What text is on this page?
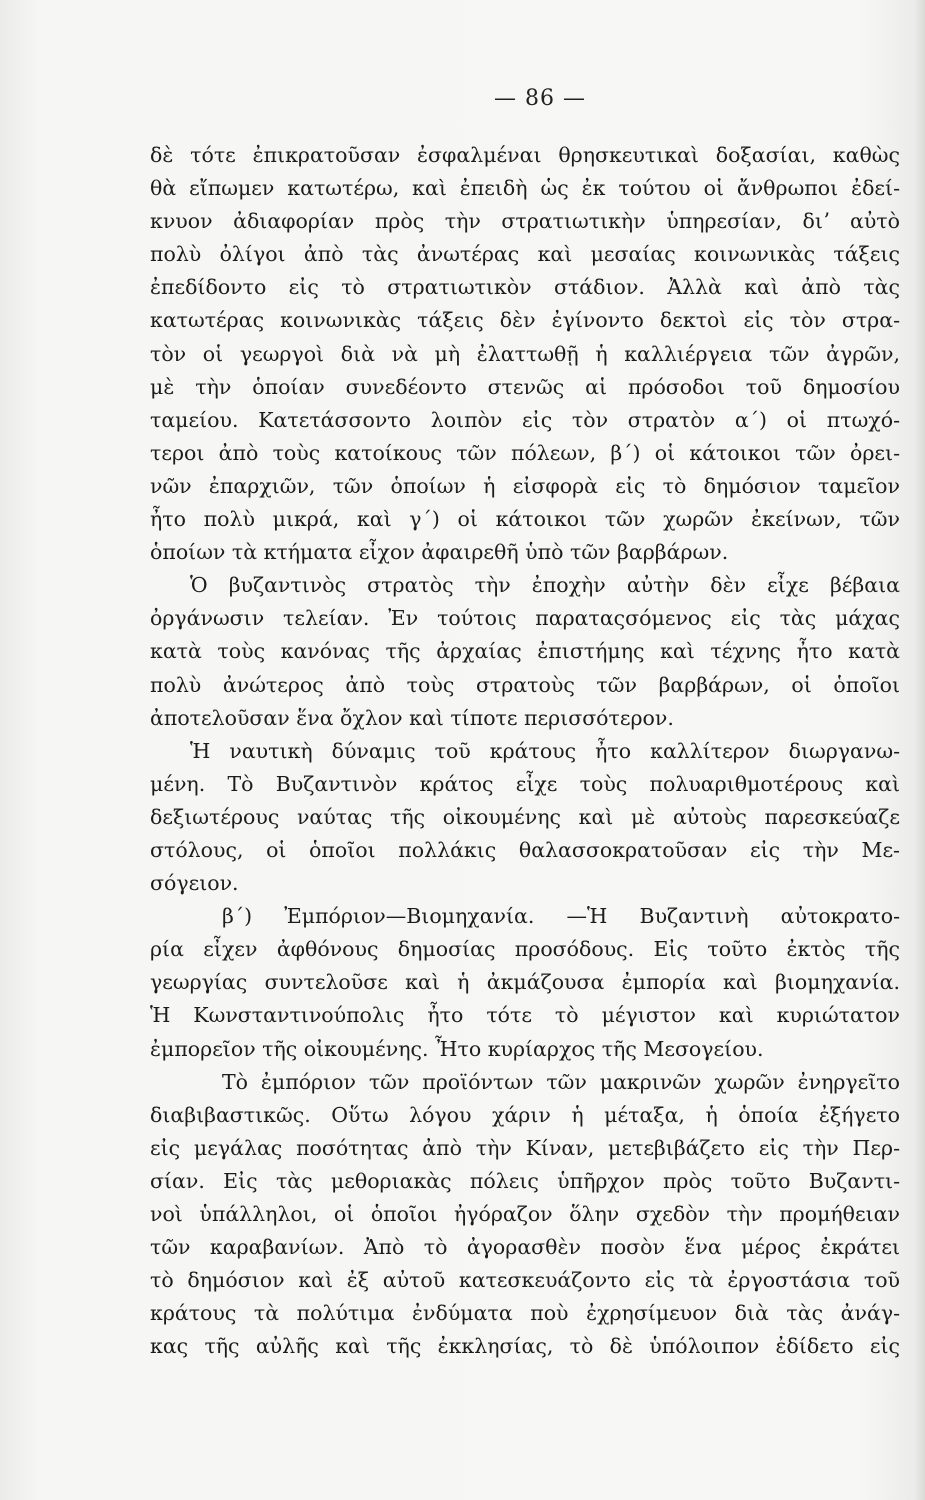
— 86 —
δὲ τότε ἐπικρατοῦσαν ἐσφαλμέναι θρησκευτικαὶ δοξασίαι, καθὼς
θὰ εἴπωμεν κατωτέρω, καὶ ἐπειδὴ ὡς ἐκ τούτου οἱ ἄνθρωποι ἐδεί-
κνυον ἀδιαφορίαν πρὸς τὴν στρατιωτικὴν ὑπηρεσίαν, διʼ αὐτὸ
πολὺ ὀλίγοι ἀπὸ τὰς ἀνωτέρας καὶ μεσαίας κοινωνικὰς τάξεις
ἐπεδίδοντο εἰς τὸ στρατιωτικὸν στάδιον. Ἀλλὰ καὶ ἀπὸ τὰς
κατωτέρας κοινωνικὰς τάξεις δὲν ἐγίνοντο δεκτοὶ εἰς τὸν στρα-
τὸν οἱ γεωργοὶ διὰ νὰ μὴ ἐλαττωθῇ ἡ καλλιέργεια τῶν ἀγρῶν,
μὲ τὴν ὁποίαν συνεδέοντο στενῶς αἱ πρόσοδοι τοῦ δημοσίου
ταμείου. Κατετάσσοντο λοιπὸν εἰς τὸν στρατὸν α΄) οἱ πτωχό-
τεροι ἀπὸ τοὺς κατοίκους τῶν πόλεων, β΄) οἱ κάτοικοι τῶν ὀρει-
νῶν ἐπαρχιῶν, τῶν ὁποίων ἡ εἰσφορὰ εἰς τὸ δημόσιον ταμεῖον
ἦτο πολὺ μικρά, καὶ γ΄) οἱ κάτοικοι τῶν χωρῶν ἐκείνων, τῶν
ὁποίων τὰ κτήματα εἶχον ἀφαιρεθῆ ὑπὸ τῶν βαρβάρων.
Ὁ βυζαντινὸς στρατὸς τὴν ἐποχὴν αὐτὴν δὲν εἶχε βέβαια
ὀργάνωσιν τελείαν. Ἐν τούτοις παραταςσόμενος εἰς τὰς μάχας
κατὰ τοὺς κανόνας τῆς ἀρχαίας ἐπιστήμης καὶ τέχνης ἦτο κατὰ
πολὺ ἀνώτερος ἀπὸ τοὺς στρατοὺς τῶν βαρβάρων, οἱ ὁποῖοι
ἀποτελοῦσαν ἕνα ὄχλον καὶ τίποτε περισσότερον.
Ἡ ναυτικὴ δύναμις τοῦ κράτους ἦτο καλλίτερον διωργανω-
μένη. Τὸ Βυζαντινὸν κράτος εἶχε τοὺς πολυαριθμοτέρους καὶ
δεξιωτέρους ναύτας τῆς οἰκουμένης καὶ μὲ αὐτοὺς παρεσκεύαζε
στόλους, οἱ ὁποῖοι πολλάκις θαλασσοκρατοῦσαν εἰς τὴν Με-
σόγειον.
β΄) Ἐμπόριον—Βιομηχανία. —Ἡ Βυζαντινὴ αὐτοκρατο-
ρία εἶχεν ἀφθόνους δημοσίας προσόδους. Εἰς τοῦτο ἐκτὸς τῆς
γεωργίας συντελοῦσε καὶ ἡ ἀκμάζουσα ἐμπορία καὶ βιομηχανία.
Ἡ Κωνσταντινούπολις ἦτο τότε τὸ μέγιστον καὶ κυριώτατον
ἐμπορεῖον τῆς οἰκουμένης. Ἦτο κυρίαρχος τῆς Μεσογείου.
Τὸ ἐμπόριον τῶν προϊόντων τῶν μακρινῶν χωρῶν ἐνηργεῖτο
διαβιβαστικῶς. Οὕτω λόγου χάριν ἡ μέταξα, ἡ ὁποία ἐξήγετο
εἰς μεγάλας ποσότητας ἀπὸ τὴν Κίναν, μετεβιβάζετο εἰς τὴν Περ-
σίαν. Εἰς τὰς μεθοριακὰς πόλεις ὑπῆρχον πρὸς τοῦτο Βυζαντι-
νοὶ ὑπάλληλοι, οἱ ὁποῖοι ἠγόραζον ὅλην σχεδὸν τὴν προμήθειαν
τῶν καραβανίων. Ἀπὸ τὸ ἀγορασθὲν ποσὸν ἕνα μέρος ἐκράτει
τὸ δημόσιον καὶ ἐξ αὐτοῦ κατεσκευάζοντο εἰς τὰ ἐργοστάσια τοῦ
κράτους τὰ πολύτιμα ἐνδύματα ποὺ ἐχρησίμευον διὰ τὰς ἀνάγ-
κας τῆς αὐλῆς καὶ τῆς ἐκκλησίας, τὸ δὲ ὑπόλοιπον ἐδίδετο εἰς
